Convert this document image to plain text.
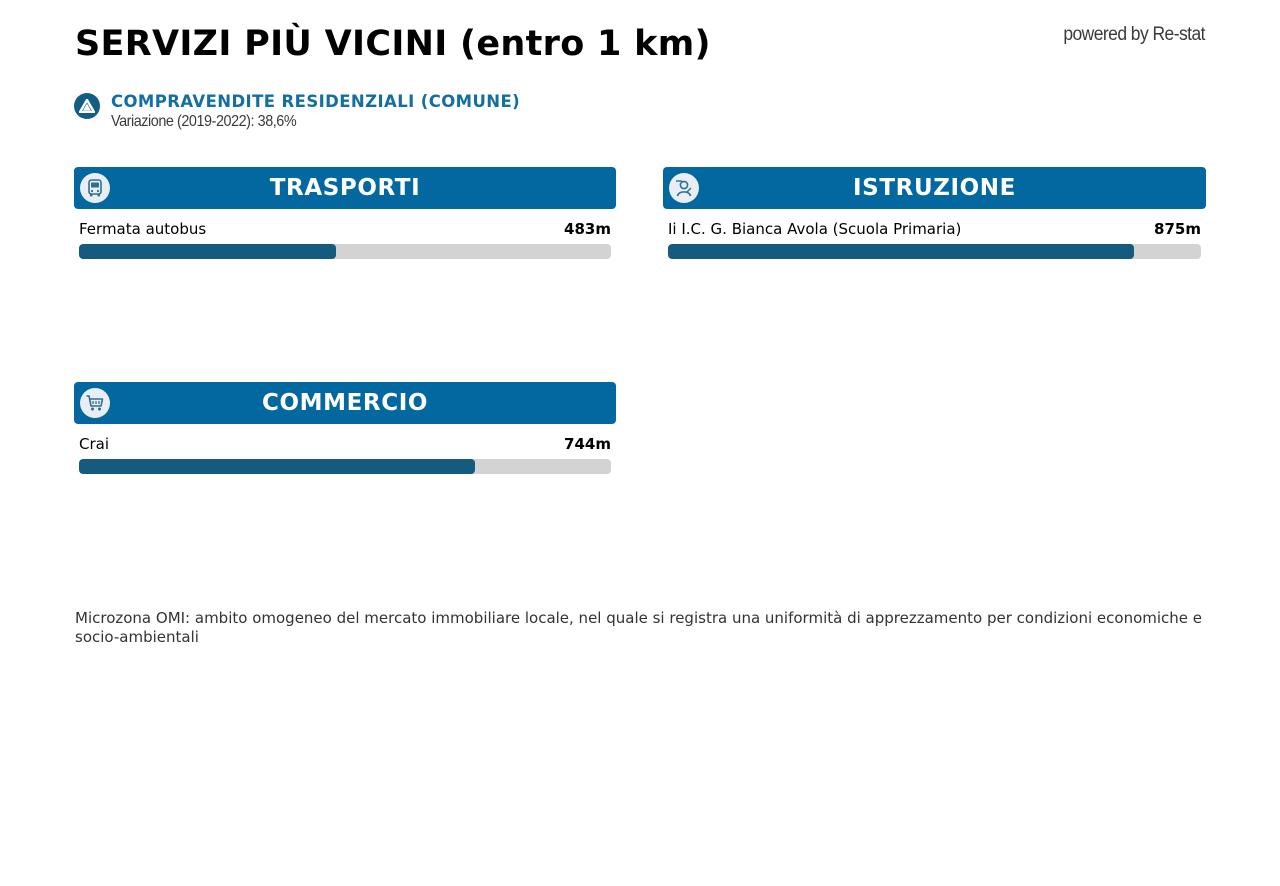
SERVIZI PIÙ VICINI (entro 1 km)	powered by Re-stat
COMPRAVENDITE RESIDENZIALI (COMUNE)
Variazione (2019-2022): 38,6%
TRASPORTI
Fermata autobus	483m
ISTRUZIONE
Ii I.C. G. Bianca Avola (Scuola Primaria)	875m
COMMERCIO
Crai	744m
Microzona OMI: ambito omogeneo del mercato immobiliare locale, nel quale si registra una uniformità di apprezzamento per condizioni economiche e socio-ambientali
